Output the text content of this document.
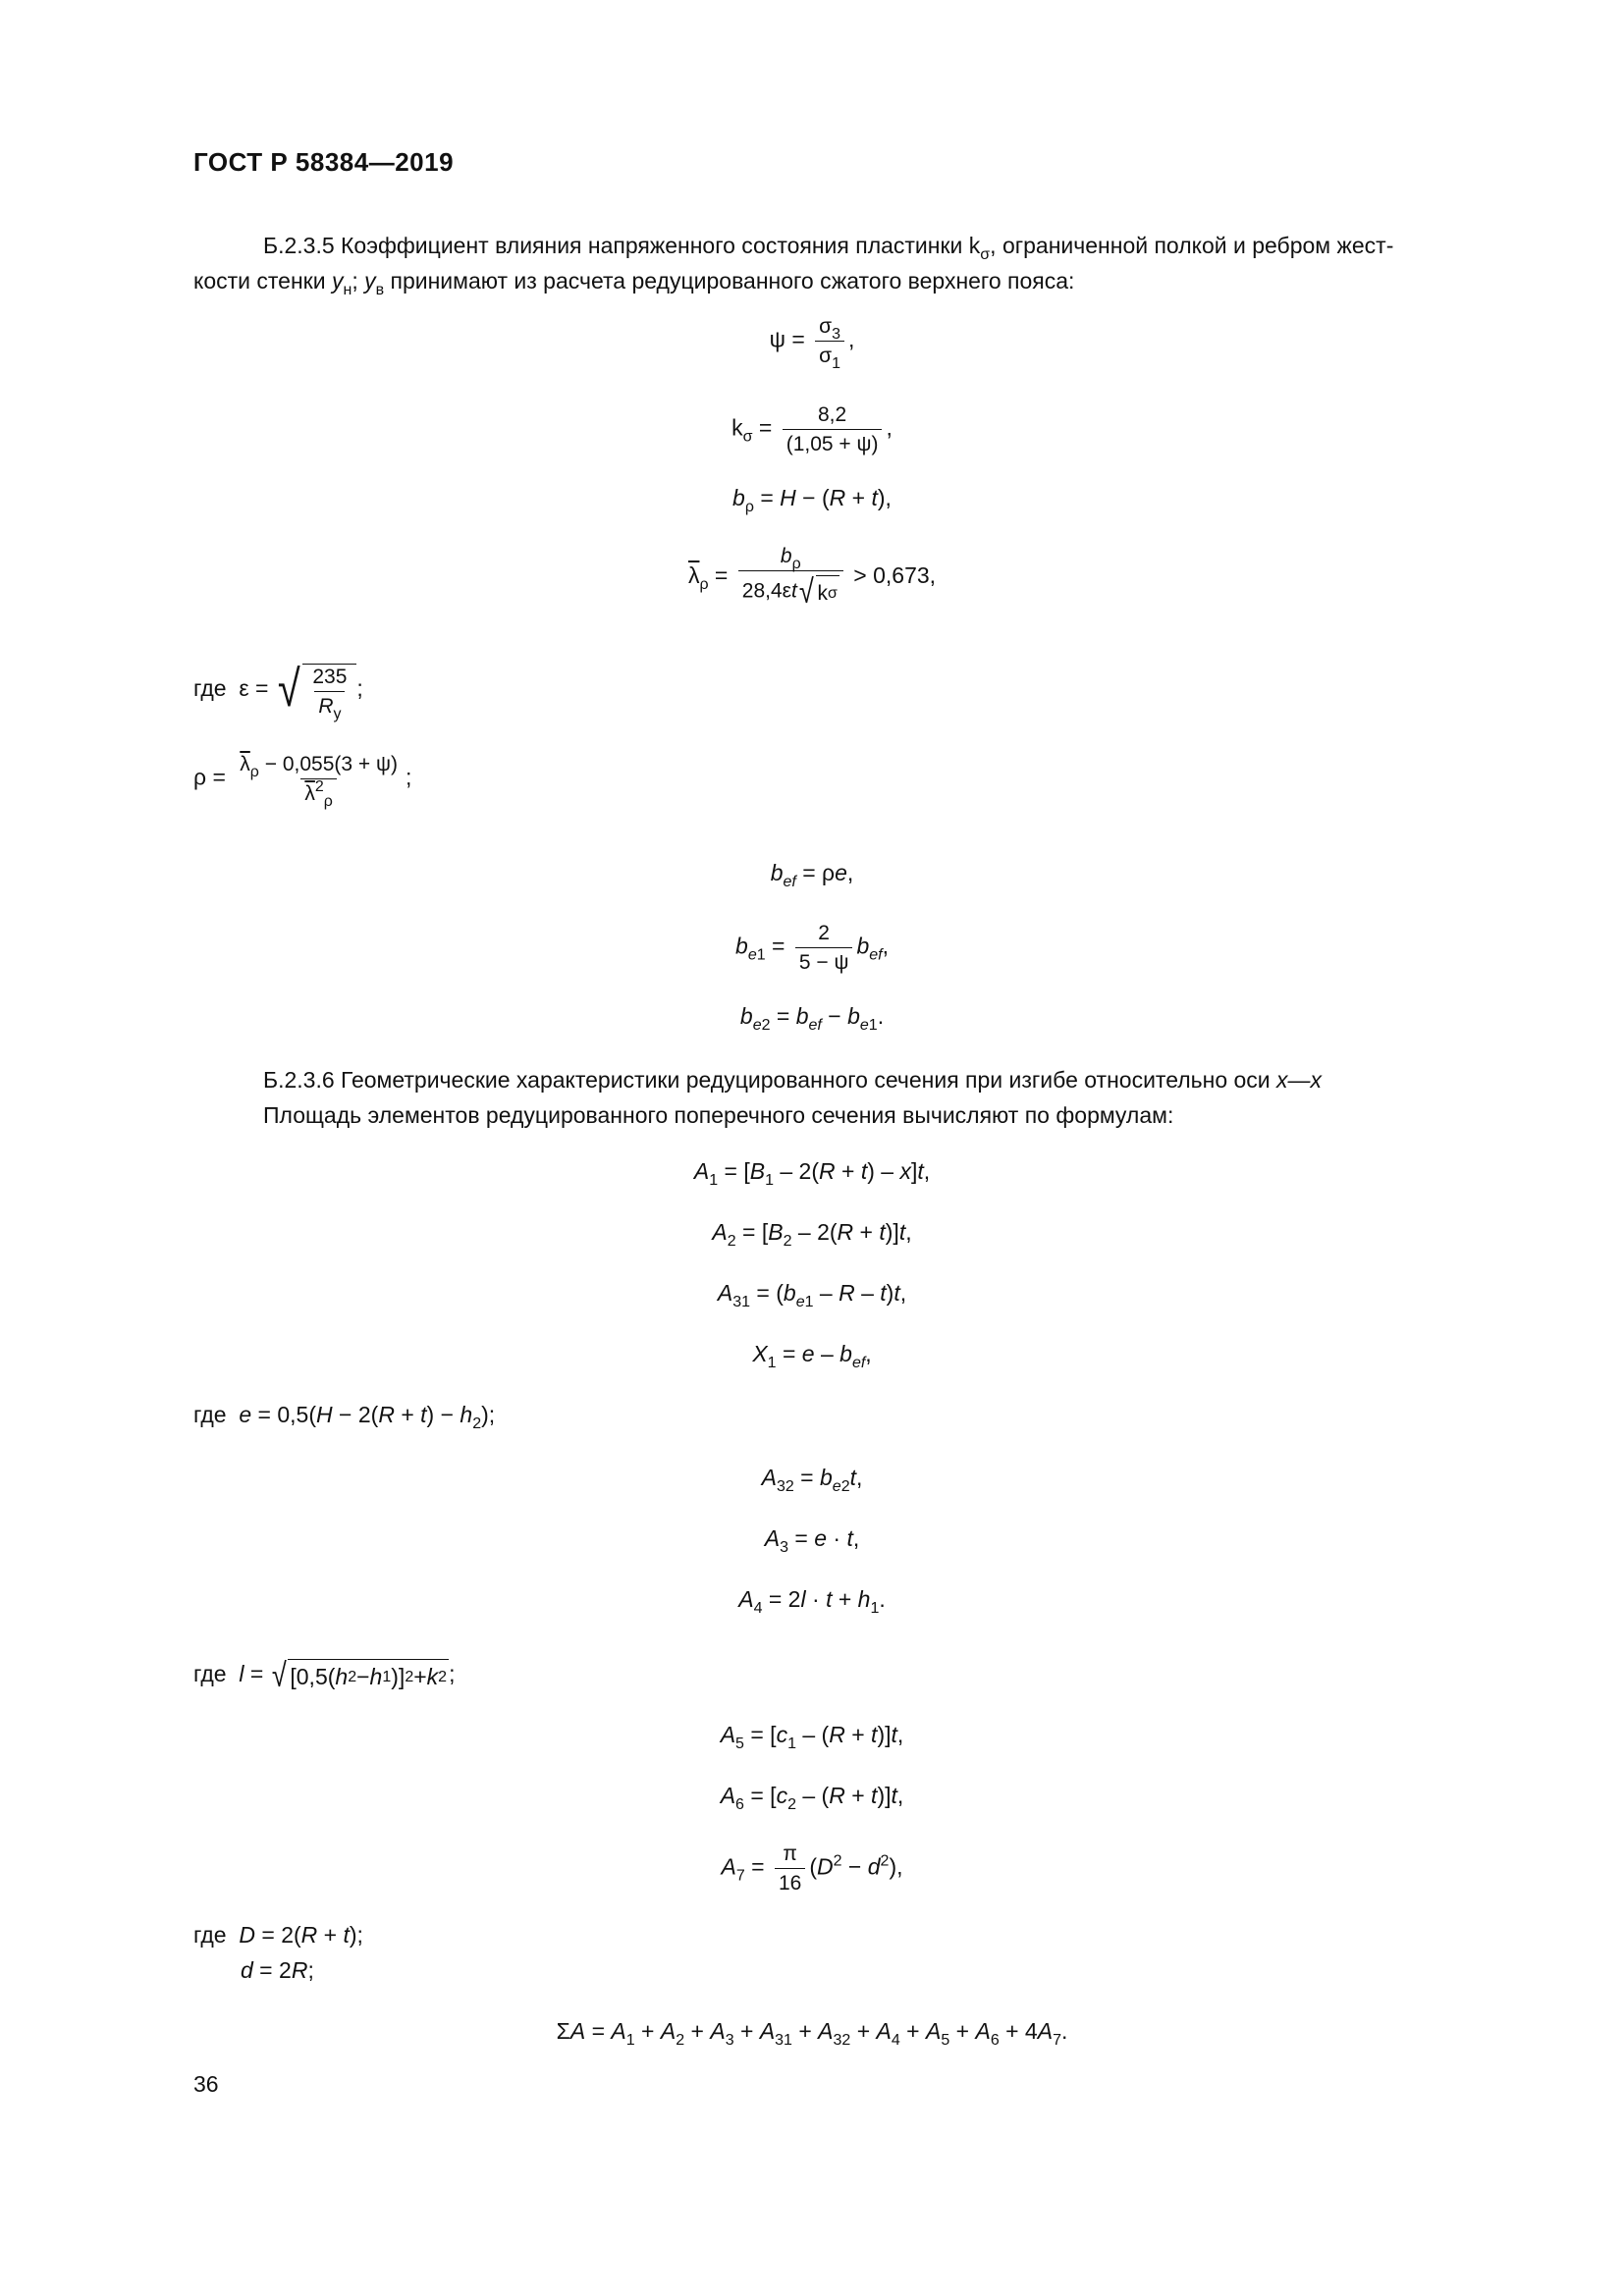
ГОСТ Р 58384—2019
Б.2.3.5 Коэффициент влияния напряженного состояния пластинки $k_\sigma$, ограниченной полкой и ребром жест-
кости стенки $y_н$; $y_в$ принимают из расчета редуцированного сжатого верхнего пояса:
$\psi = \frac{\sigma_3}{\sigma_1}$ ,
$k_\sigma = \frac{8,2}{(1,05 + \psi)}$ ,
$b_\rho = H - (R + t)$,
$\overline{\lambda}_\rho = \frac{b_\rho}{\text{28,4εt √ k σ}} > 0,673$,
где  ε = √ $\frac{235}{R_y}$ ;
$\rho = \frac{\overline{\lambda}_\rho - 0,055(3 + \psi)}{\overline{\lambda}^2_\rho}$ ;
$b_{ef} = \rho e$,
$b_{e1} = \frac{2}{5 - \psi} b_{ef}$,
$b_{e2} = b_{ef} - b_{e1}$.
Б.2.3.6 Геометрические характеристики редуцированного сечения при изгибе относительно оси x—x
Площадь элементов редуцированного поперечного сечения вычисляют по формулам:
$A_1 = [B_1 - 2(R + t) - x]t$,
$A_2 = [B_2 - 2(R + t)]t$,
$A_{31} = (b_{e1} - R - t)t$,
$X_1 = e - b_{ef}$,
где $e = 0,5(H - 2(R + t) - h_2)$;
$A_{32} = b_{e2}t$,
$A_3 = e \cdot t$,
$A_4 = 2l \cdot t + h_1$.
где l = √ [0,5( h 2 − h 1 )] 2 + k 2 ;
$A_5 = [c_1 - (R + t)]t$,
$A_6 = [c_2 - (R + t)]t$,
$A_7 = \frac{\pi}{16} (D^2 - d^2)$,
где D = 2(R + t);
d = 2R;
$\Sigma A = A_1 + A_2 + A_3 + A_{31} + A_{32} + A_4 + A_5 + A_6 + 4A_7$.
36
